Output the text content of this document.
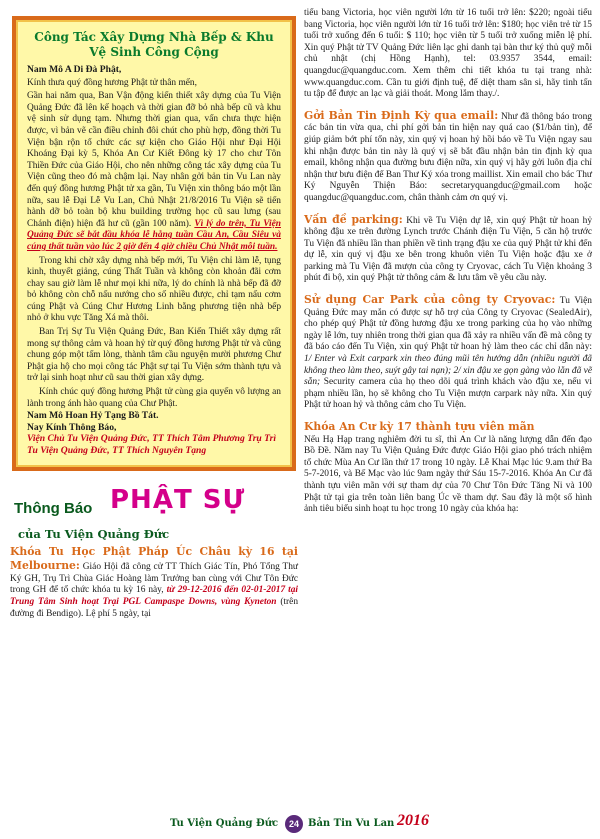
Công Tác Xây Dựng Nhà Bếp & Khu Vệ Sinh Công Cộng

Nam Mô A Di Đà Phật,

Kính thưa quý đồng hương Phật tử thân mến,

Gần hai năm qua, Ban Vận động kiến thiết xây dựng của Tu Viện Quảng Đức đã lên kế hoạch và thời gian đỡ bỏ nhà bếp cũ và khu vệ sinh sử dụng tạm. Nhưng thời gian qua, vấn chưa thực hiện được, vì bản vẽ cần điều chỉnh đôi chút cho phù hợp, đồng thời Tu Viện bận rộn tổ chức các sự kiện cho Giáo Hội như Đại Hội Khoáng Đại kỳ 5, Khóa An Cư Kiết Đông kỳ 17 cho chư Tôn Thiền Đức của Giáo Hội, cho nên những công tác xây dựng của Tu Viện cũng theo đó mà chậm lại. Nay nhân gởi bản tin Vu Lan này đến quý đồng hương Phật tử xa gần, Tu Viện xin thông báo một lần nữa, sau lễ Đại Lễ Vu Lan, Chủ Nhật 21/8/2016 Tu Viện sẽ tiến hành dỡ bỏ toàn bộ khu building trường học cũ sau lưng (sau Chánh điện) hiện đã hư cũ (gần 100 năm). Vì lý do trên, Tu Viện Quảng Đức sẽ bắt đầu khóa lễ hằng tuần Cầu An, Cầu Siêu và cúng thất tuần vào lúc 2 giờ đến 4 giờ chiều Chủ Nhật mỗi tuần.

Trong khi chờ xây dựng nhà bếp mới, Tu Viện chỉ làm lễ, tụng kinh, thuyết giảng, cúng Thất Tuần và không còn khoản đãi cơm chay sau giờ làm lễ như mọi khi nữa, lý do chính là nhà bếp đã đỡ bỏ không còn chỗ nấu nướng cho số nhiều được, chỉ tạm nấu cơm cúng Phật và Cúng Chư Hương Linh bằng phương tiện nhà bếp nhỏ ở khu vực Tăng Xá mà thôi.

Ban Trị Sự Tu Viện Quảng Đức, Ban Kiến Thiết xây dựng rất mong sự thông cảm và hoan hỷ từ quý đồng hương Phật tử và cũng chung góp một tấm lòng, thành tâm cầu nguyện mười phương Chư Phật gia hộ cho mọi công tác Phật sự tại Tu Viện sớm thành tựu và trở lại sinh hoạt như cũ sau thời gian xây dựng.

Kính chúc quý đồng hương Phật tử cùng gia quyến vô lượng an lành trong ánh hào quang của Chư Phật.

Nam Mô Hoan Hỷ Tạng Bồ Tát.

Nay Kính Thông Báo,

Viện Chủ Tu Viện Quảng Đức, TT Thích Tâm Phương Trụ Trì Tu Viện Quảng Đức, TT Thích Nguyên Tạng

Thông Báo PHẬT SỰ

của Tu Viện Quảng Đức

Khóa Tu Học Phật Pháp Úc Châu kỳ 16 tại Melbourne: Giáo Hội đã công cử TT Thích Giác Tín, Phó Tổng Thư Ký GH, Trụ Trì Chùa Giác Hoàng làm Trưởng ban cùng với Chư Tôn Đức trong GH để tổ chức khóa tu kỳ 16 này, từ 29-12-2016 đến 02-01-2017 tại Trung Tâm Sinh hoạt Trại PGL Campaspe Downs, vùng Kyneton (trên đường đi Bendigo). Lệ phí 5 ngày, tại

tiểu bang Victoria, học viên người lớn từ 16 tuổi trở lên: $220; ngoài tiểu bang Victoria, học viên người lớn từ 16 tuổi trở lên: $180; học viên trẻ từ 15 tuổi trở xuống đến 6 tuổi: $ 110; học viên từ 5 tuổi trở xuống miễn lệ phí. Xin quý Phật tử TV Quảng Đức liên lạc ghi danh tại bàn thư ký thủ quỹ mỗi chủ nhật (chị Hồng Hạnh), tel: 03.9357 3544, email: quangduc@quangduc.com. Xem thêm chi tiết khóa tu tại trang nhà: www.quangduc.com. Cần tu giới định tuệ, để diệt tham sân si, hãy tinh tấn tu tập để được an lạc và giải thoát. Mong lắm thay./.

Gởi Bản Tin Định Kỳ qua email: Như đã thông báo trong các bản tin vừa qua, chi phí gởi bản tin hiện nay quá cao ($1/bản tin), để giúp giảm bớt phí tổn này, xin quý vị hoan hỷ hồi báo về Tu Viện ngay sau khi nhận được bản tin này là quý vị sẽ bắt đầu nhận bản tin định kỳ qua email, không nhận qua đường bưu điện nữa, xin quý vị hãy gởi luôn địa chỉ nhận thư bưu điện để Ban Thư Ký xóa trong maillist. Xin email cho bác Thư Ký Nguyễn Thiện Báo: secretaryquangduc@gmail.com hoặc quangduc@quangduc.com, chân thành cảm ơn quý vị.

Vấn đề parking: Khi về Tu Viện dự lễ, xin quý Phật tử hoan hỷ không đậu xe trên đường Lynch trước Chánh điện Tu Viện, 5 căn hộ trước Tu Viện đã nhiều lần than phiền về tình trạng đậu xe của quý Phật tử khi đến dự lễ, xin quý vị đậu xe bên trong khuôn viên Tu Viện hoặc đậu xe ở parking mà Tu Viện đã mượn của công ty Cryovac, cách Tu Viện khoảng 3 phút đi bộ, xin quý Phật tử thông cảm & lưu tâm về yêu cầu này.

Sử dụng Car Park của công ty Cryovac: Tu Viện Quảng Đức may mắn có được sự hỗ trợ của Công ty Cryovac (SealedAir), cho phép quý Phật tử đồng hương đậu xe trong parking của họ vào những ngày lễ lớn, tuy nhiên trong thời gian qua đã xảy ra nhiều vấn đề mà công ty đã báo cáo đến Tu Viện, xin quý Phật tử hoan hỷ làm theo các chỉ dẫn này: 1/ Enter và Exit carpark xin theo đúng mũi tên hướng dẫn (nhiều người đã không theo làm theo, suýt gây tai nạn); 2/ xin đậu xe gọn gàng vào lằn đã vẽ sẵn; Security camera của họ theo dõi quá trình khách vào đậu xe, nếu vi phạm nhiều lần, họ sẽ không cho Tu Viện mượn carpark này nữa. Xin quý Phật tử hoan hỷ và thông cảm cho Tu Viện.

Khóa An Cư kỳ 17 thành tựu viên mãn
Nếu Hạ Hạp trang nghiêm đời tu sĩ, thì An Cư là năng lượng dẫn đến đạo Bồ Đề. Năm nay Tu Viện Quảng Đức được Giáo Hội giao phó trách nhiệm tổ chức Mùa An Cư lần thứ 17 trong 10 ngày. Lễ Khai Mạc lúc 9.am thứ Ba 5-7-2016, và Bế Mạc vào lúc 9am ngày thứ Sáu 15-7-2016. Khóa An Cư đã thành tựu viên mãn với sự tham dự của 70 Chư Tôn Đức Tăng Ni và 100 Phật tử tại gia trên toàn liên bang Úc về tham dự. Sau đây là một số hình ảnh tiêu biểu sinh hoạt tu học trong 10 ngày của khóa hạ:

Tu Viện Quảng Đức	24 Bản Tin Vu Lan 2016
